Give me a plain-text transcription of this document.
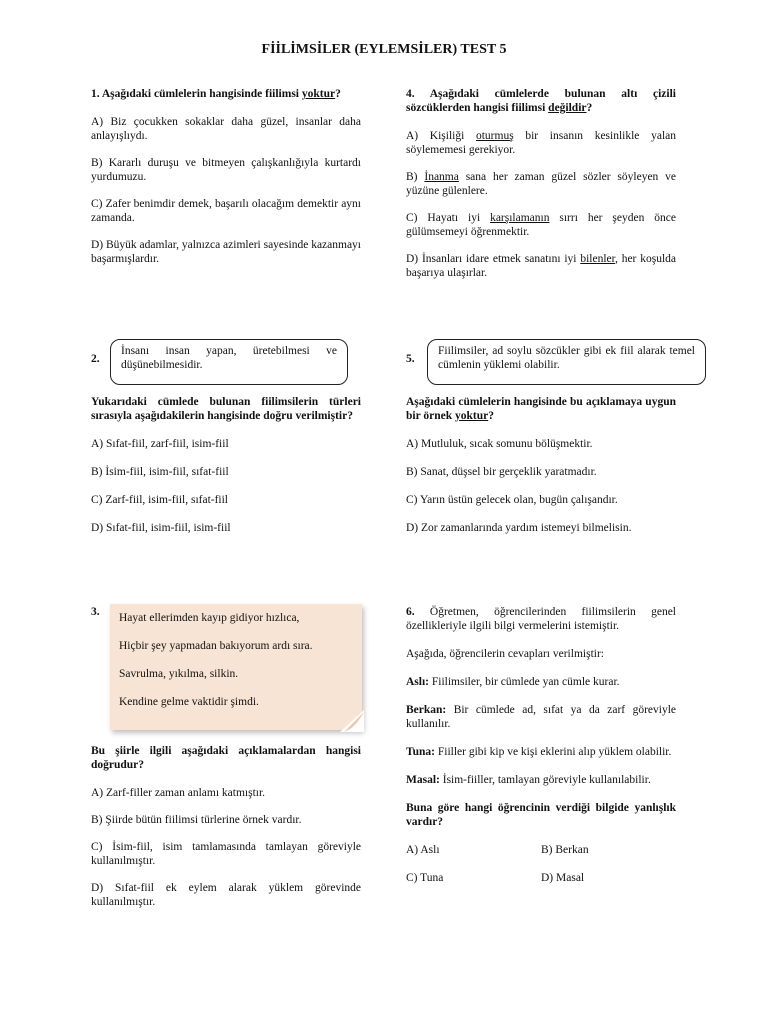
FİİLİMSİLER (EYLEMSİLER) TEST 5
1. Aşağıdaki cümlelerin hangisinde fiilimsi yoktur?
A) Biz çocukken sokaklar daha güzel, insanlar daha anlayışlıydı.
B) Kararlı duruşu ve bitmeyen çalışkanlığıyla kurtardı yurdumuzu.
C) Zafer benimdir demek, başarılı olacağım demektir aynı zamanda.
D) Büyük adamlar, yalnızca azimleri sayesinde kazanmayı başarmışlardır.
4. Aşağıdaki cümlelerde bulunan altı çizili sözcüklerden hangisi fiilimsi değildir?
A) Kişiliği oturmuş bir insanın kesinlikle yalan söylememesi gerekiyor.
B) İnanma sana her zaman güzel sözler söyleyen ve yüzüne gülenlere.
C) Hayatı iyi karşılamanın sırrı her şeyden önce gülümsemeyi öğrenmektir.
D) İnsanları idare etmek sanatını iyi bilenler, her koşulda başarıya ulaşırlar.
2.
İnsanı insan yapan, üretebilmesi ve düşünebilmesidir.
Yukarıdaki cümlede bulunan fiilimsilerin türleri sırasıyla aşağıdakilerin hangisinde doğru verilmiştir?
A) Sıfat-fiil, zarf-fiil, isim-fiil
B) İsim-fiil, isim-fiil, sıfat-fiil
C) Zarf-fiil, isim-fiil, sıfat-fiil
D) Sıfat-fiil, isim-fiil, isim-fiil
5.
Fiilimsiler, ad soylu sözcükler gibi ek fiil alarak temel cümlenin yüklemi olabilir.
Aşağıdaki cümlelerin hangisinde bu açıklamaya uygun bir örnek yoktur?
A) Mutluluk, sıcak somunu bölüşmektir.
B) Sanat, düşsel bir gerçeklik yaratmadır.
C) Yarın üstün gelecek olan, bugün çalışandır.
D) Zor zamanlarında yardım istemeyi bilmelisin.
3. Hayat ellerimden kayıp gidiyor hızlıca,
Hiçbir şey yapmadan bakıyorum ardı sıra.
Savrulma, yıkılma, silkin.
Kendine gelme vaktidir şimdi.
Bu şiirle ilgili aşağıdaki açıklamalardan hangisi doğrudur?
A) Zarf-filler zaman anlamı katmıştır.
B) Şiirde bütün fiilimsi türlerine örnek vardır.
C) İsim-fiil, isim tamlamasında tamlayan göreviyle kullanılmıştır.
D) Sıfat-fiil ek eylem alarak yüklem görevinde kullanılmıştır.
6. Öğretmen, öğrencilerinden fiilimsilerin genel özellikleriyle ilgili bilgi vermelerini istemiştir.
Aşağıda, öğrencilerin cevapları verilmiştir:
Aslı: Fiilimsiler, bir cümlede yan cümle kurar.
Berkan: Bir cümlede ad, sıfat ya da zarf göreviyle kullanılır.
Tuna: Fiiller gibi kip ve kişi eklerini alıp yüklem olabilir.
Masal: İsim-fiiller, tamlayan göreviyle kullanılabilir.
Buna göre hangi öğrencinin verdiği bilgide yanlışlık vardır?
A) Aslı	B) Berkan
C) Tuna	D) Masal
